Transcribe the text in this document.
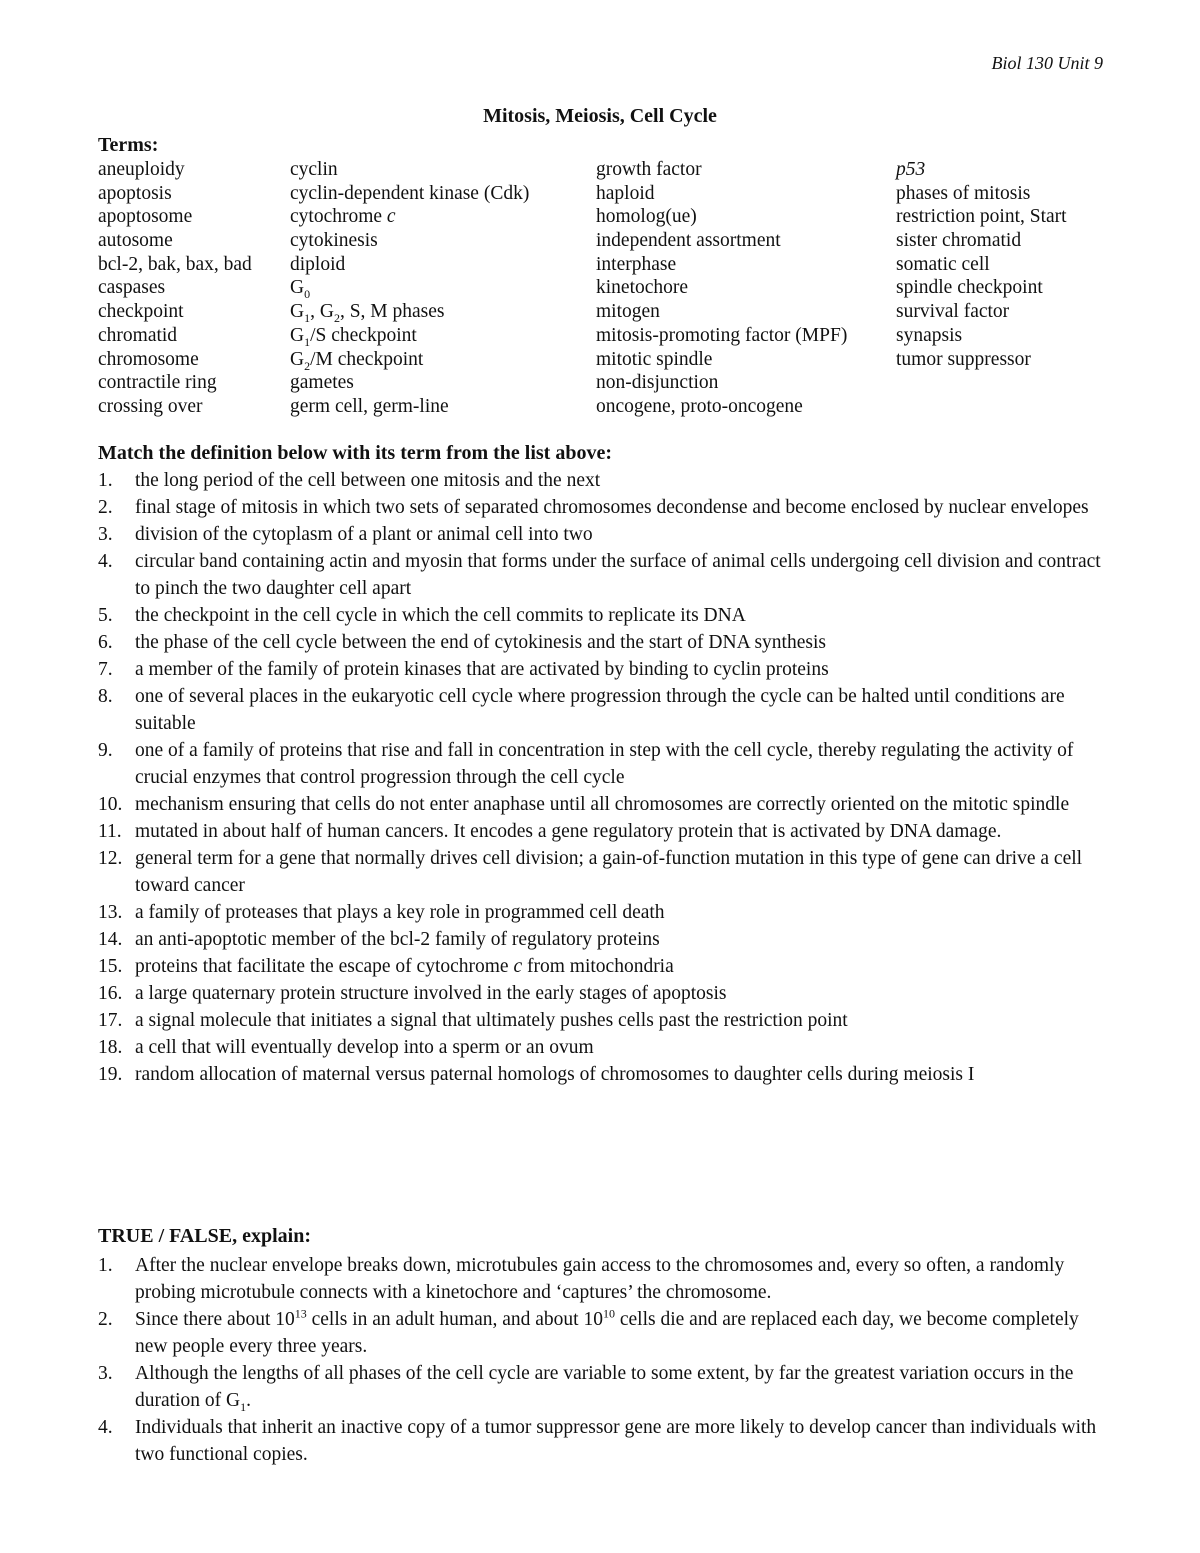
Biol 130 Unit 9
Mitosis, Meiosis, Cell Cycle
Terms:
aneuploidy
apoptosis
apoptosome
autosome
bcl-2, bak, bax, bad
caspases
checkpoint
chromatid
chromosome
contractile ring
crossing over
cyclin
cyclin-dependent kinase (Cdk)
cytochrome c
cytokinesis
diploid
$G_0$
$G_1$, $G_2$, S, M phases
$G_1/S$ checkpoint
$G_2/M$ checkpoint
gametes
germ cell, germ-line
growth factor
haploid
homolog(ue)
independent assortment
interphase
kinetochore
mitogen
mitosis-promoting factor (MPF)
mitotic spindle
non-disjunction
oncogene, proto-oncogene
p53
phases of mitosis
restriction point, Start
sister chromatid
somatic cell
spindle checkpoint
survival factor
synapsis
tumor suppressor
Match the definition below with its term from the list above:
1. the long period of the cell between one mitosis and the next
2. final stage of mitosis in which two sets of separated chromosomes decondense and become enclosed by nuclear envelopes
3. division of the cytoplasm of a plant or animal cell into two
4. circular band containing actin and myosin that forms under the surface of animal cells undergoing cell division and contract to pinch the two daughter cell apart
5. the checkpoint in the cell cycle in which the cell commits to replicate its DNA
6. the phase of the cell cycle between the end of cytokinesis and the start of DNA synthesis
7. a member of the family of protein kinases that are activated by binding to cyclin proteins
8. one of several places in the eukaryotic cell cycle where progression through the cycle can be halted until conditions are suitable
9. one of a family of proteins that rise and fall in concentration in step with the cell cycle, thereby regulating the activity of crucial enzymes that control progression through the cell cycle
10. mechanism ensuring that cells do not enter anaphase until all chromosomes are correctly oriented on the mitotic spindle
11. mutated in about half of human cancers. It encodes a gene regulatory protein that is activated by DNA damage.
12. general term for a gene that normally drives cell division; a gain-of-function mutation in this type of gene can drive a cell toward cancer
13. a family of proteases that plays a key role in programmed cell death
14. an anti-apoptotic member of the bcl-2 family of regulatory proteins
15. proteins that facilitate the escape of cytochrome c from mitochondria
16. a large quaternary protein structure involved in the early stages of apoptosis
17. a signal molecule that initiates a signal that ultimately pushes cells past the restriction point
18. a cell that will eventually develop into a sperm or an ovum
19. random allocation of maternal versus paternal homologs of chromosomes to daughter cells during meiosis I
TRUE / FALSE, explain:
1. After the nuclear envelope breaks down, microtubules gain access to the chromosomes and, every so often, a randomly probing microtubule connects with a kinetochore and ‘captures’ the chromosome.
2. Since there about $10^{13}$ cells in an adult human, and about $10^{10}$ cells die and are replaced each day, we become completely new people every three years.
3. Although the lengths of all phases of the cell cycle are variable to some extent, by far the greatest variation occurs in the duration of $G_1$.
4. Individuals that inherit an inactive copy of a tumor suppressor gene are more likely to develop cancer than individuals with two functional copies.
